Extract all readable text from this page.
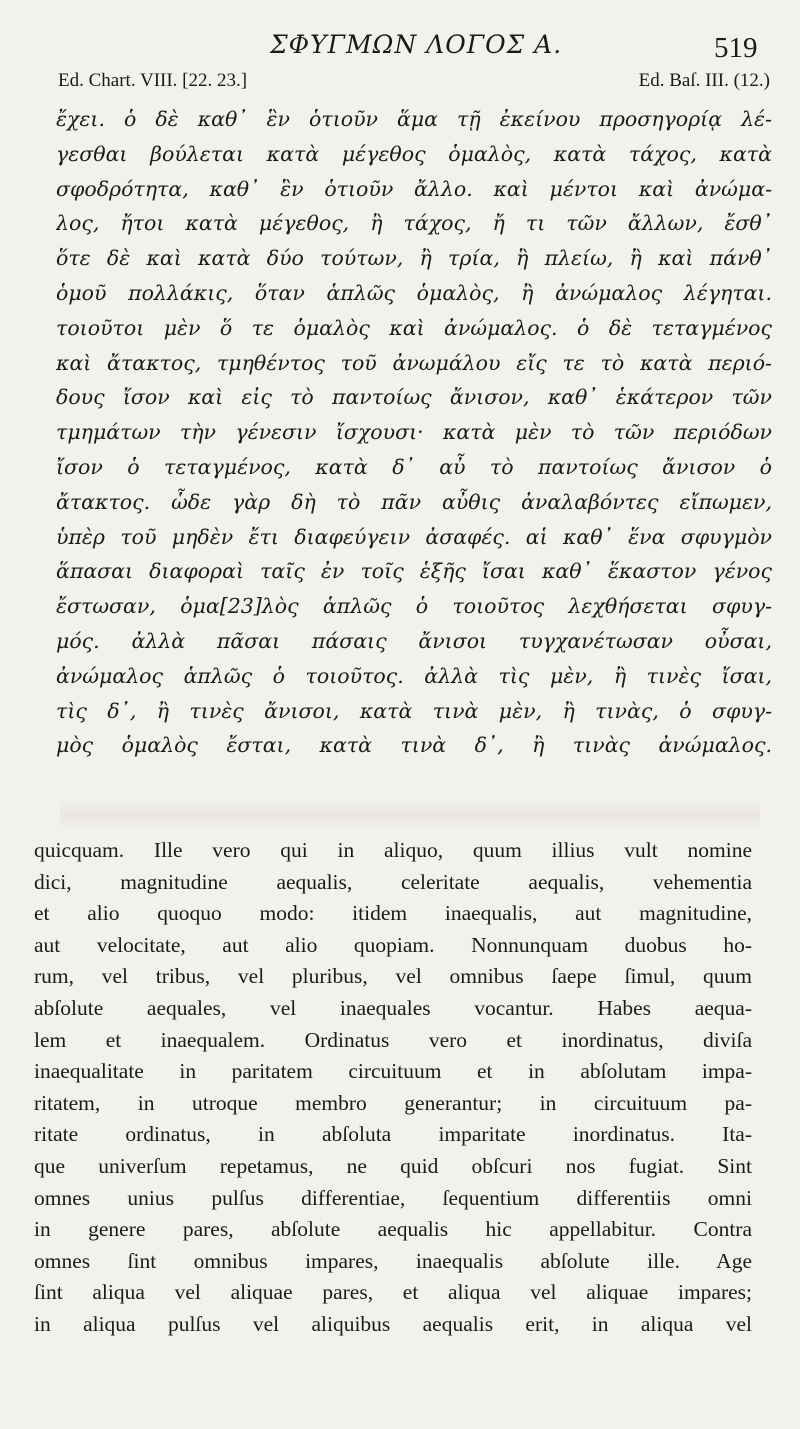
ΣΦΥΓΜΩΝ ΛΟΓΟΣ Α.	519
Ed. Chart. VIII. [22. 23.]	Ed. Baſ. III. (12.)
ἔχει. ὁ δὲ καθ᾿ ἓν ὁτιοῦν ἅμα τῇ ἐκείνου προσηγορίᾳ λέ-
γεσθαι βούλεται κατὰ μέγεθος ὁμαλὸς, κατὰ τάχος, κατὰ
σφοδρότητα, καθ᾿ ἓν ὁτιοῦν ἄλλο. καὶ μέντοι καὶ ἀνώμα-
λος, ἤτοι κατὰ μέγεθος, ἢ τάχος, ἤ τι τῶν ἄλλων, ἔσθ᾿
ὅτε δὲ καὶ κατὰ δύο τούτων, ἢ τρία, ἢ πλείω, ἢ καὶ πάνθ᾿
ὁμοῦ πολλάκις, ὅταν ἁπλῶς ὁμαλὸς, ἢ ἀνώμαλος λέγηται.
τοιοῦτοι μὲν ὅ τε ὁμαλὸς καὶ ἀνώμαλος. ὁ δὲ τεταγμένος
καὶ ἄτακτος, τμηθέντος τοῦ ἀνωμάλου εἴς τε τὸ κατὰ περιό-
δους ἴσον καὶ εἰς τὸ παντοίως ἄνισον, καθ᾿ ἑκάτερον τῶν
τμημάτων τὴν γένεσιν ἴσχουσι· κατὰ μὲν τὸ τῶν περιόδων
ἴσον ὁ τεταγμένος, κατὰ δ᾿ αὖ τὸ παντοίως ἄνισον ὁ
ἄτακτος. ὧδε γὰρ δὴ τὸ πᾶν αὖθις ἀναλαβόντες εἴπωμεν,
ὑπὲρ τοῦ μηδὲν ἔτι διαφεύγειν ἀσαφές. αἱ καθ᾿ ἕνα σφυγμὸν
ἅπασαι διαφοραὶ ταῖς ἐν τοῖς ἑξῆς ἴσαι καθ᾿ ἕκαστον γένος
ἔστωσαν, ὁμα[23]λὸς ἁπλῶς ὁ τοιοῦτος λεχθήσεται σφυγ-
μός. ἀλλὰ πᾶσαι πάσαις ἄνισοι τυγχανέτωσαν οὖσαι,
ἀνώμαλος ἁπλῶς ὁ τοιοῦτος. ἀλλὰ τὶς μὲν, ἢ τινὲς ἴσαι,
τὶς δ᾿, ἢ τινὲς ἄνισοι, κατὰ τινὰ μὲν, ἢ τινὰς, ὁ σφυγ-
μὸς ὁμαλὸς ἔσται, κατὰ τινὰ δ᾿, ἢ τινὰς ἀνώμαλος.
quicquam. Ille vero qui in aliquo, quum illius vult nomine
dici, magnitudine aequalis, celeritate aequalis, vehementia
et alio quoquo modo: itidem inaequalis, aut magnitudine,
aut velocitate, aut alio quopiam. Nonnunquam duobus ho-
rum, vel tribus, vel pluribus, vel omnibus ſaepe ſimul, quum
abſolute aequales, vel inaequales vocantur. Habes aequa-
lem et inaequalem. Ordinatus vero et inordinatus, diviſa
inaequalitate in paritatem circuituum et in abſolutam impa-
ritatem, in utroque membro generantur; in circuituum pa-
ritate ordinatus, in abſoluta imparitate inordinatus. Ita-
que univerſum repetamus, ne quid obſcuri nos fugiat. Sint
omnes unius pulſus differentiae, ſequentium differentiis omni
in genere pares, abſolute aequalis hic appellabitur. Contra
omnes ſint omnibus impares, inaequalis abſolute ille. Age
ſint aliqua vel aliquae pares, et aliqua vel aliquae impares;
in aliqua pulſus vel aliquibus aequalis erit, in aliqua vel
